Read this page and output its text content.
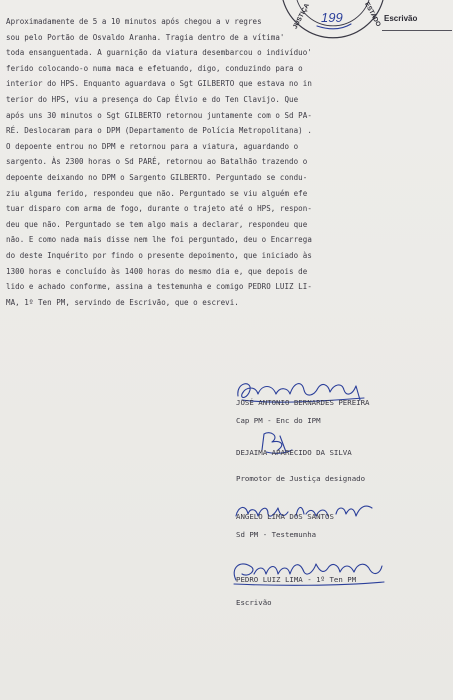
JUSTIÇA	ESTADO
199	Escrivão
Aproximadamente de 5 a 10 minutos após chegou a v regres
sou pelo Portão de Osvaldo Aranha. Tragia dentro de a vítima'
toda ensanguentada. A guarnição da viatura desembarcou o indivíduo'
ferido colocando-o numa maca e efetuando, digo, conduzindo para o
interior do HPS. Enquanto aguardava o Sgt GILBERTO que estava no in
terior do HPS, viu a presença do Cap Élvio e do Ten Clavijo. Que
após uns 30 minutos o Sgt GILBERTO retornou juntamente com o Sd PA-
RÉ. Deslocaram para o DPM (Departamento de Polícia Metropolitana) .
O depoente entrou no DPM e retornou para a viatura, aguardando o
sargento. Às 2300 horas o Sd PARÉ, retornou ao Batalhão trazendo o
depoente deixando no DPM o Sargento GILBERTO. Perguntado se condu-
ziu alguma ferido, respondeu que não. Perguntado se viu alguém efe
tuar disparo com arma de fogo, durante o trajeto até o HPS, respon-
deu que não. Perguntado se tem algo mais a declarar, respondeu que
não. E como nada mais disse nem lhe foi perguntado, deu o Encarrega
do deste Inquérito por findo o presente depoimento, que iniciado às
1300 horas e concluído às 1400 horas do mesmo dia e, que depois de
lido e achado conforme, assina a testemunha e comigo PEDRO LUIZ LI-
MA, 1º Ten PM, servindo de Escrivão, que o escrevi.
JOSÉ ANTONIO BERNARDES PEREIRA
Cap PM - Enc do IPM
DEJAIMA APARECIDO DA SILVA
Promotor de Justiça designado
ANGELO LIMA DOS SANTOS
Sd PM - Testemunha
PEDRO LUIZ LIMA - 1º Ten PM
Escrivão
